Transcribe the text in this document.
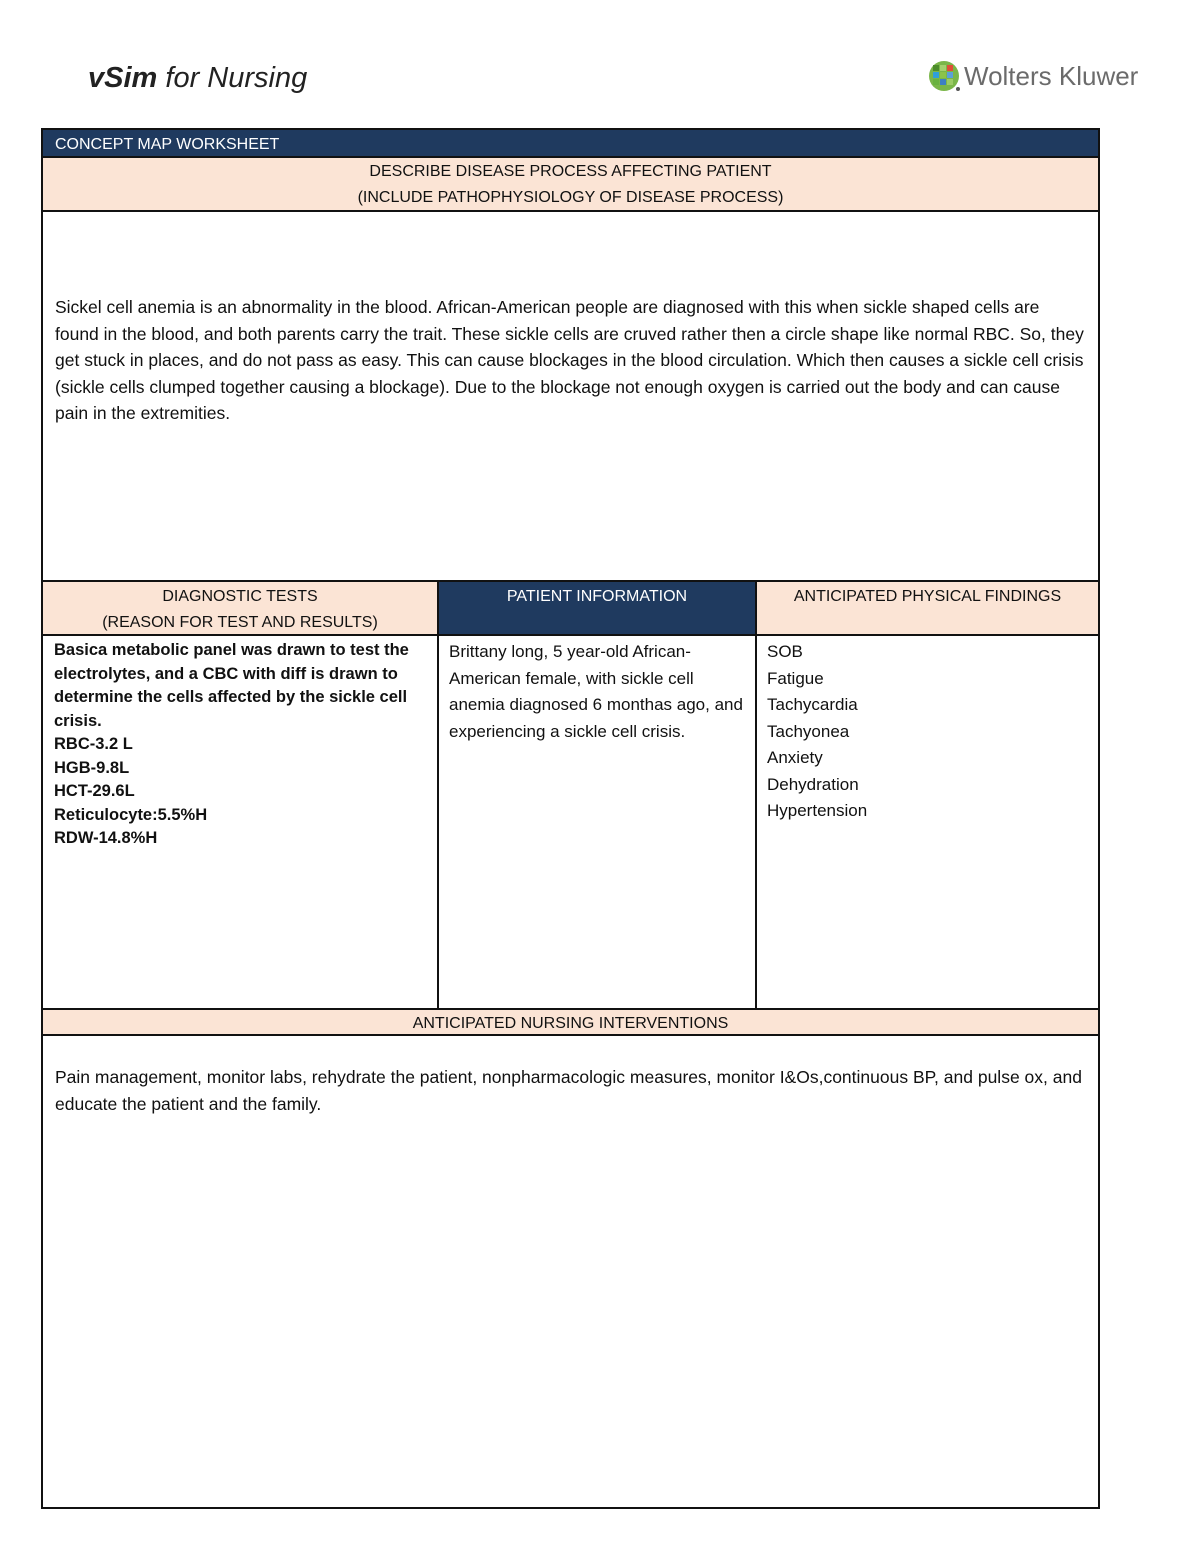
vSim for Nursing	Wolters Kluwer
CONCEPT MAP WORKSHEET
DESCRIBE DISEASE PROCESS AFFECTING PATIENT
(INCLUDE PATHOPHYSIOLOGY OF DISEASE PROCESS)
Sickel cell anemia is an abnormality in the blood. African-American people are diagnosed with this when sickle shaped cells are found in the blood, and both parents carry the trait. These sickle cells are cruved rather then a circle shape like normal RBC. So, they get stuck in places, and do not pass as easy. This can cause blockages in the blood circulation. Which then causes a sickle cell crisis (sickle cells clumped together causing a blockage). Due to the blockage not enough oxygen is carried out the body and can cause pain in the extremities.
DIAGNOSTIC TESTS
(REASON FOR TEST AND RESULTS)
PATIENT INFORMATION	ANTICIPATED PHYSICAL FINDINGS
Basica metabolic panel was drawn to test the electrolytes, and a CBC with diff is drawn to determine the cells affected by the sickle cell crisis.
RBC-3.2 L
HGB-9.8L
HCT-29.6L
Reticulocyte:5.5%H
RDW-14.8%H
Brittany long, 5 year-old African-American female, with sickle cell anemia diagnosed 6 monthas ago, and experiencing a sickle cell crisis.
SOB
Fatigue
Tachycardia
Tachyonea
Anxiety
Dehydration
Hypertension
ANTICIPATED NURSING INTERVENTIONS
Pain management, monitor labs, rehydrate the patient, nonpharmacologic measures, monitor I&Os,continuous BP, and pulse ox, and educate the patient and the family.
